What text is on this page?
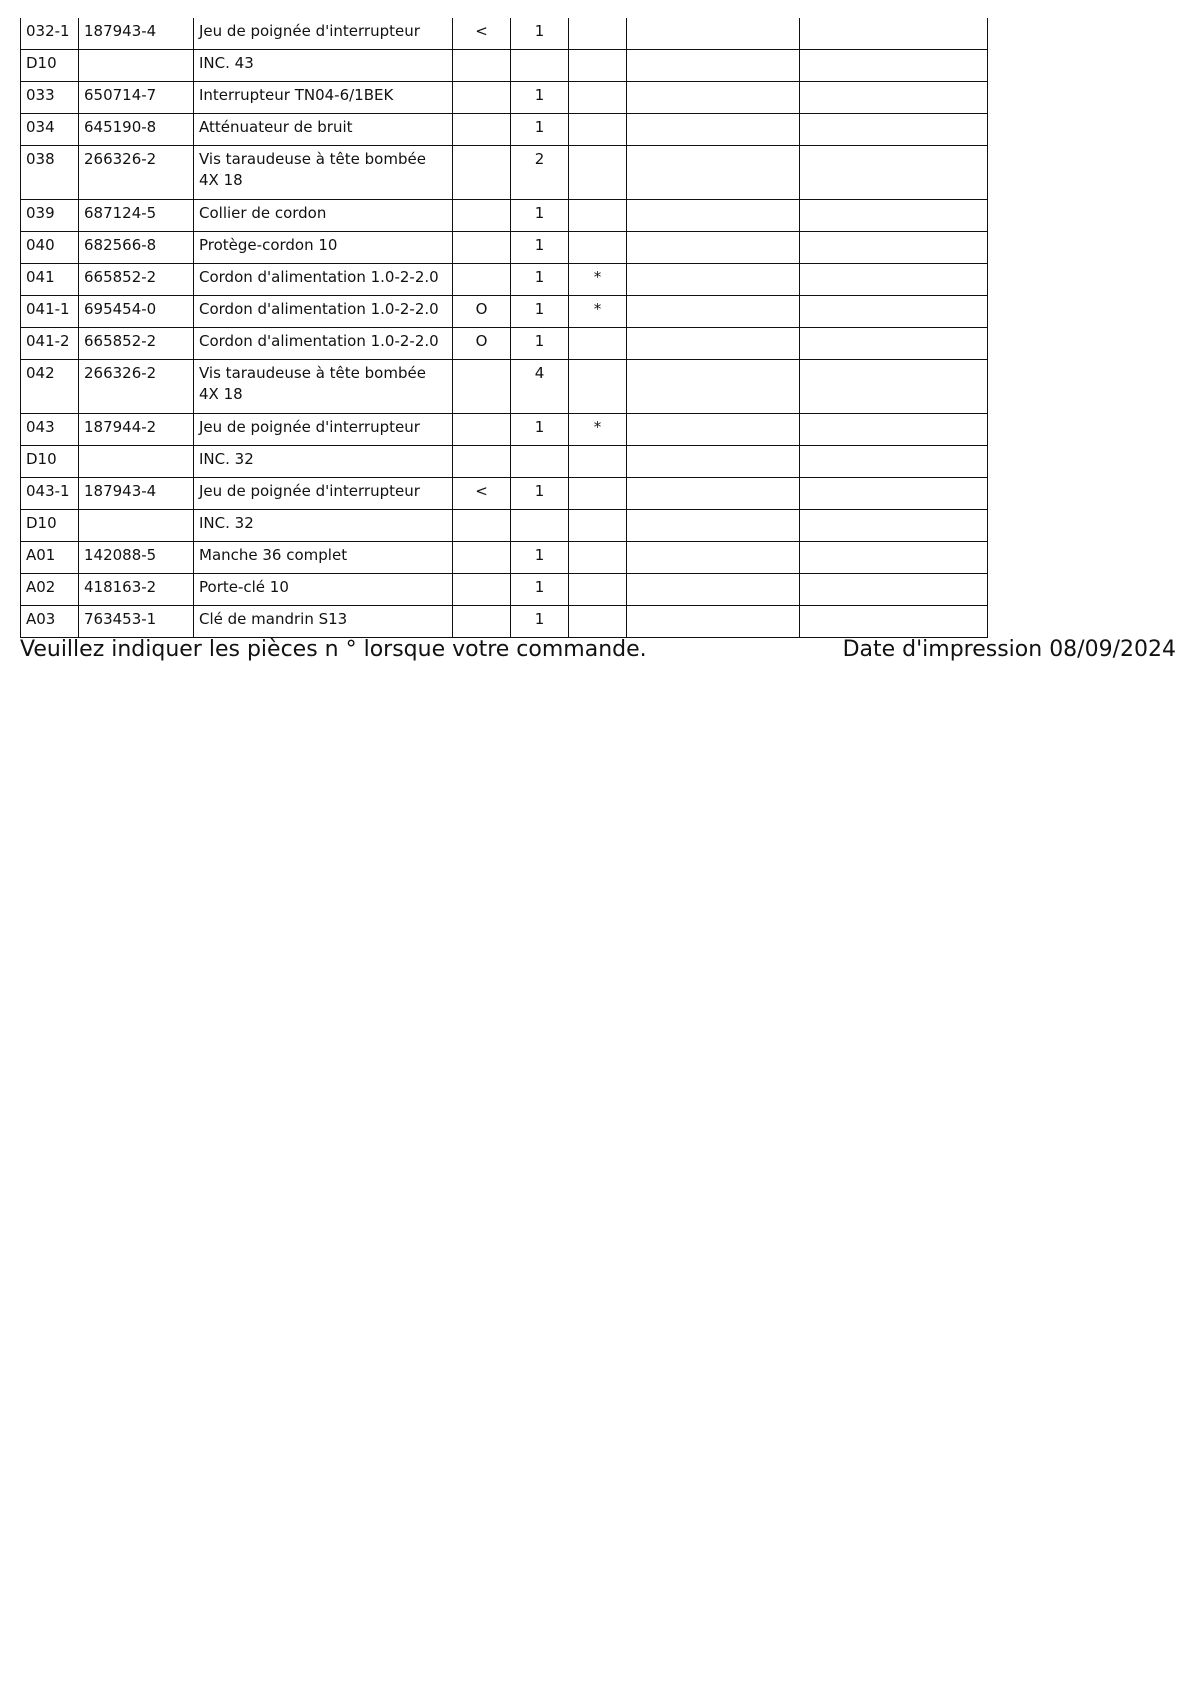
032-1	187943-4	Jeu de poignée d'interrupteur	<	1			
D10		INC. 43					
033	650714-7	Interrupteur TN04-6/1BEK		1			
034	645190-8	Atténuateur de bruit		1			
038	266326-2	Vis taraudeuse à tête bombée 4X 18		2			
039	687124-5	Collier de cordon		1			
040	682566-8	Protège-cordon 10		1			
041	665852-2	Cordon d'alimentation 1.0-2-2.0		1	*		
041-1	695454-0	Cordon d'alimentation 1.0-2-2.0	O	1	*		
041-2	665852-2	Cordon d'alimentation 1.0-2-2.0	O	1			
042	266326-2	Vis taraudeuse à tête bombée 4X 18		4			
043	187944-2	Jeu de poignée d'interrupteur		1	*		
D10		INC. 32					
043-1	187943-4	Jeu de poignée d'interrupteur	<	1			
D10		INC. 32					
A01	142088-5	Manche 36 complet		1			
A02	418163-2	Porte-clé 10		1			
A03	763453-1	Clé de mandrin S13		1			
Veuillez indiquer les pièces n ° lorsque votre commande.	Date d'impression 08/09/2024
